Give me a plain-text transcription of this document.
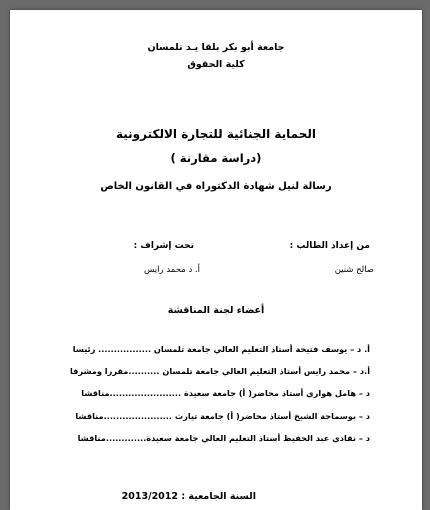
جامعة أبو بكر بلقا يـد تلمسان
كلية الحقوق
الحماية الجنائية للتجارة الالكترونية
(دراسة مقارنة )
رسالة لنيل شهادة الدكتوراه في القانون الخاص
من إعداد الطالب :
تحت إشراف :
صالح شنين
أ. د محمد رايس
أعضاء لجنة المناقشة
أ. د – يوسف فتيحة أستاذ التعليم العالي جامعة تلمسان ................. رئيسا
أ.د – محمد رايس أستاذ التعليم العالي جامعة تلمسان ..........مقررا ومشرفا
د – هامل هواري أستاذ محاضر( أ) جامعة سعيدة .......................مناقشا
د – بوسماحة الشيخ أستاذ محاضر( أ) جامعة تيارت ......................مناقشا
د – نقادي عبد الحفيظ أستاذ التعليم العالي جامعة سعيدة.............مناقشا
السنة الجامعية : 2013/2012
